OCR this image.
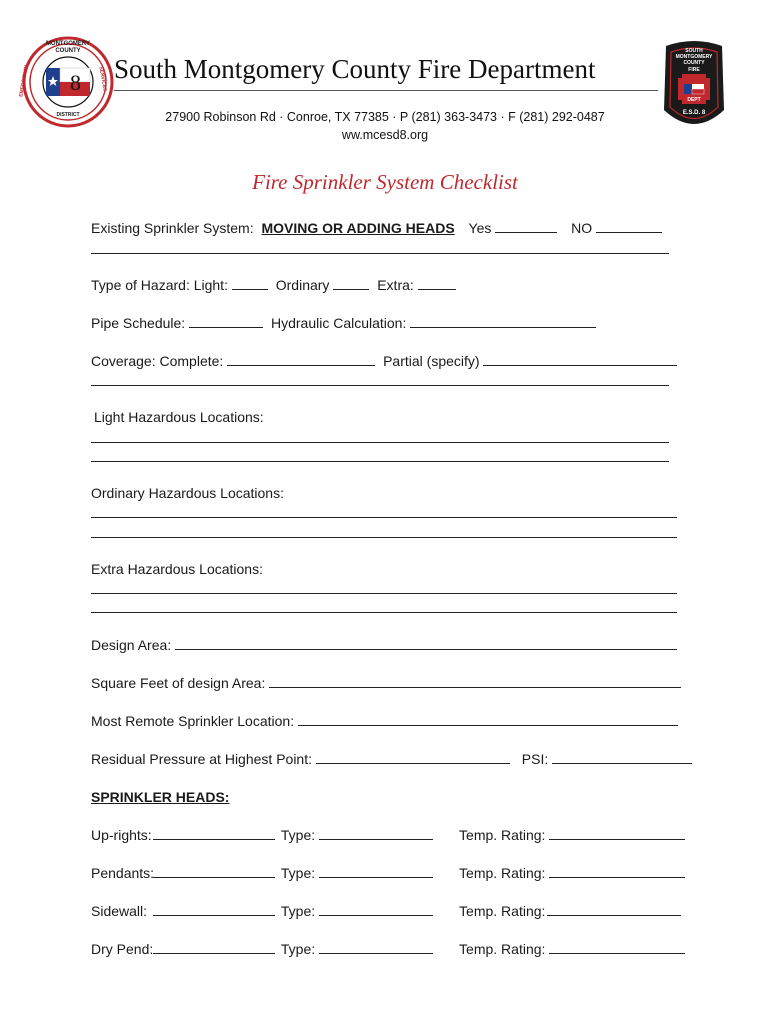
8
MONTGOMERY COUNTY
EMERGENCY	SERVICES
DISTRICT
South Montgomery County Fire Department
SOUTH MONTGOMERY COUNTY
FIRE
DEPT
E.S.D. 8
27900 Robinson Rd · Conroe, TX 77385 · P (281) 363-3473 · F (281) 292-0487
ww.mcesd8.org
Fire Sprinkler System Checklist
Existing Sprinkler System: MOVING OR ADDING HEADS Yes	NO
Type of Hazard: Light:	Ordinary	Extra:
Pipe Schedule:	Hydraulic Calculation:
Coverage: Complete:	Partial (specify)
Light Hazardous Locations:
Ordinary Hazardous Locations:
Extra Hazardous Locations:
Design Area:
Square Feet of design Area:
Most Remote Sprinkler Location:
Residual Pressure at Highest Point:	PSI:
SPRINKLER HEADS:
Up-rights:	Type:	Temp. Rating:
Pendants:	Type:	Temp. Rating:
Sidewall:	Type:	Temp. Rating:
Dry Pend:	Type:	Temp. Rating:
